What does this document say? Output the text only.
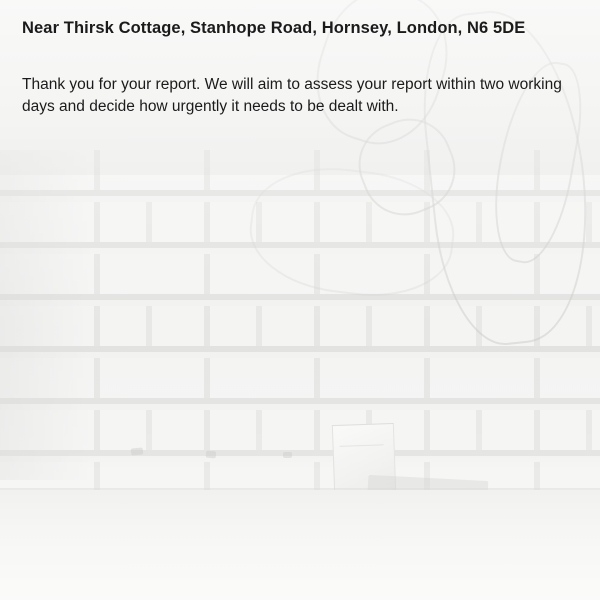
Near Thirsk Cottage, Stanhope Road, Hornsey, London, N6 5DE

Thank you for your report. We will aim to assess your report within two working days and decide how urgently it needs to be dealt with.
